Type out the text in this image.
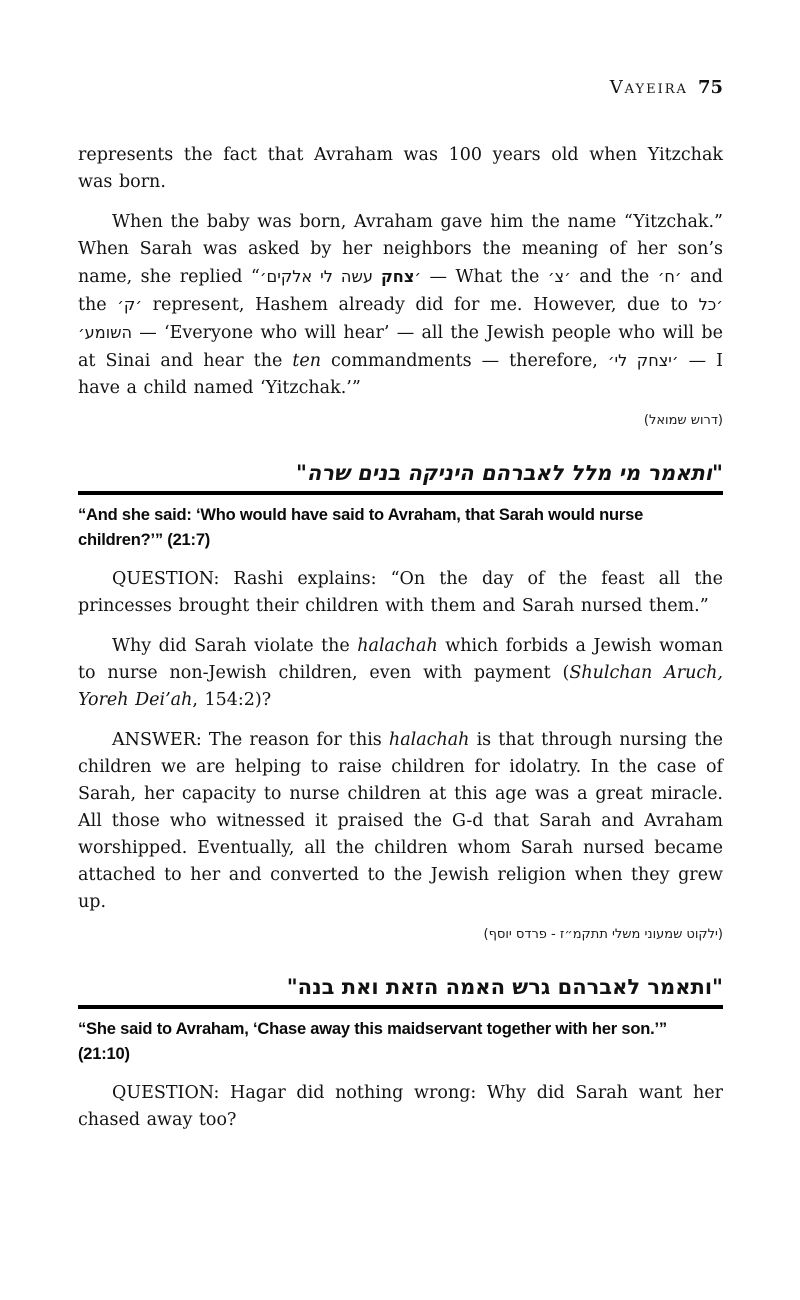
Vayeira 75

represents the fact that Avraham was 100 years old when Yitzchak was born.

When the baby was born, Avraham gave him the name “Yitzchak.” When Sarah was asked by her neighbors the meaning of her son’s name, she replied “	׳צחק עשה לי אלקים׳ — What the ׳צ׳ and the ׳ח׳ and the ׳ק׳ represent, Hashem already did for me. However, due to ׳כל השומע׳ — ‘Everyone who will hear’ — all the Jewish people who will be at Sinai and hear the ten commandments — therefore, ׳יצחק לי׳ — I have a child named ‘Yitzchak.’”

(דרוש שמואל)
"ותאמר מי מלל לאברהם היניקה בנים שרה"

“And she said: ‘Who would have said to Avraham, that Sarah would nurse children?’” (21:7)

QUESTION: Rashi explains: “On the day of the feast all the princesses brought their children with them and Sarah nursed them.”

Why did Sarah violate the halachah which forbids a Jewish woman to nurse non-Jewish children, even with payment (Shulchan Aruch, Yoreh Dei’ah, 154:2)?

ANSWER: The reason for this halachah is that through nursing the children we are helping to raise children for idolatry. In the case of Sarah, her capacity to nurse children at this age was a great miracle. All those who witnessed it praised the G-d that Sarah and Avraham worshipped. Eventually, all the children whom Sarah nursed became attached to her and converted to the Jewish religion when they grew up.

(ילקוט שמעוני משלי תתקמ״ז - פרדס יוסף)
"ותאמר לאברהם גרש האמה הזאת ואת בנה"

“She said to Avraham, ‘Chase away this maidservant together with her son.’” (21:10)

QUESTION: Hagar did nothing wrong: Why did Sarah want her chased away too?
